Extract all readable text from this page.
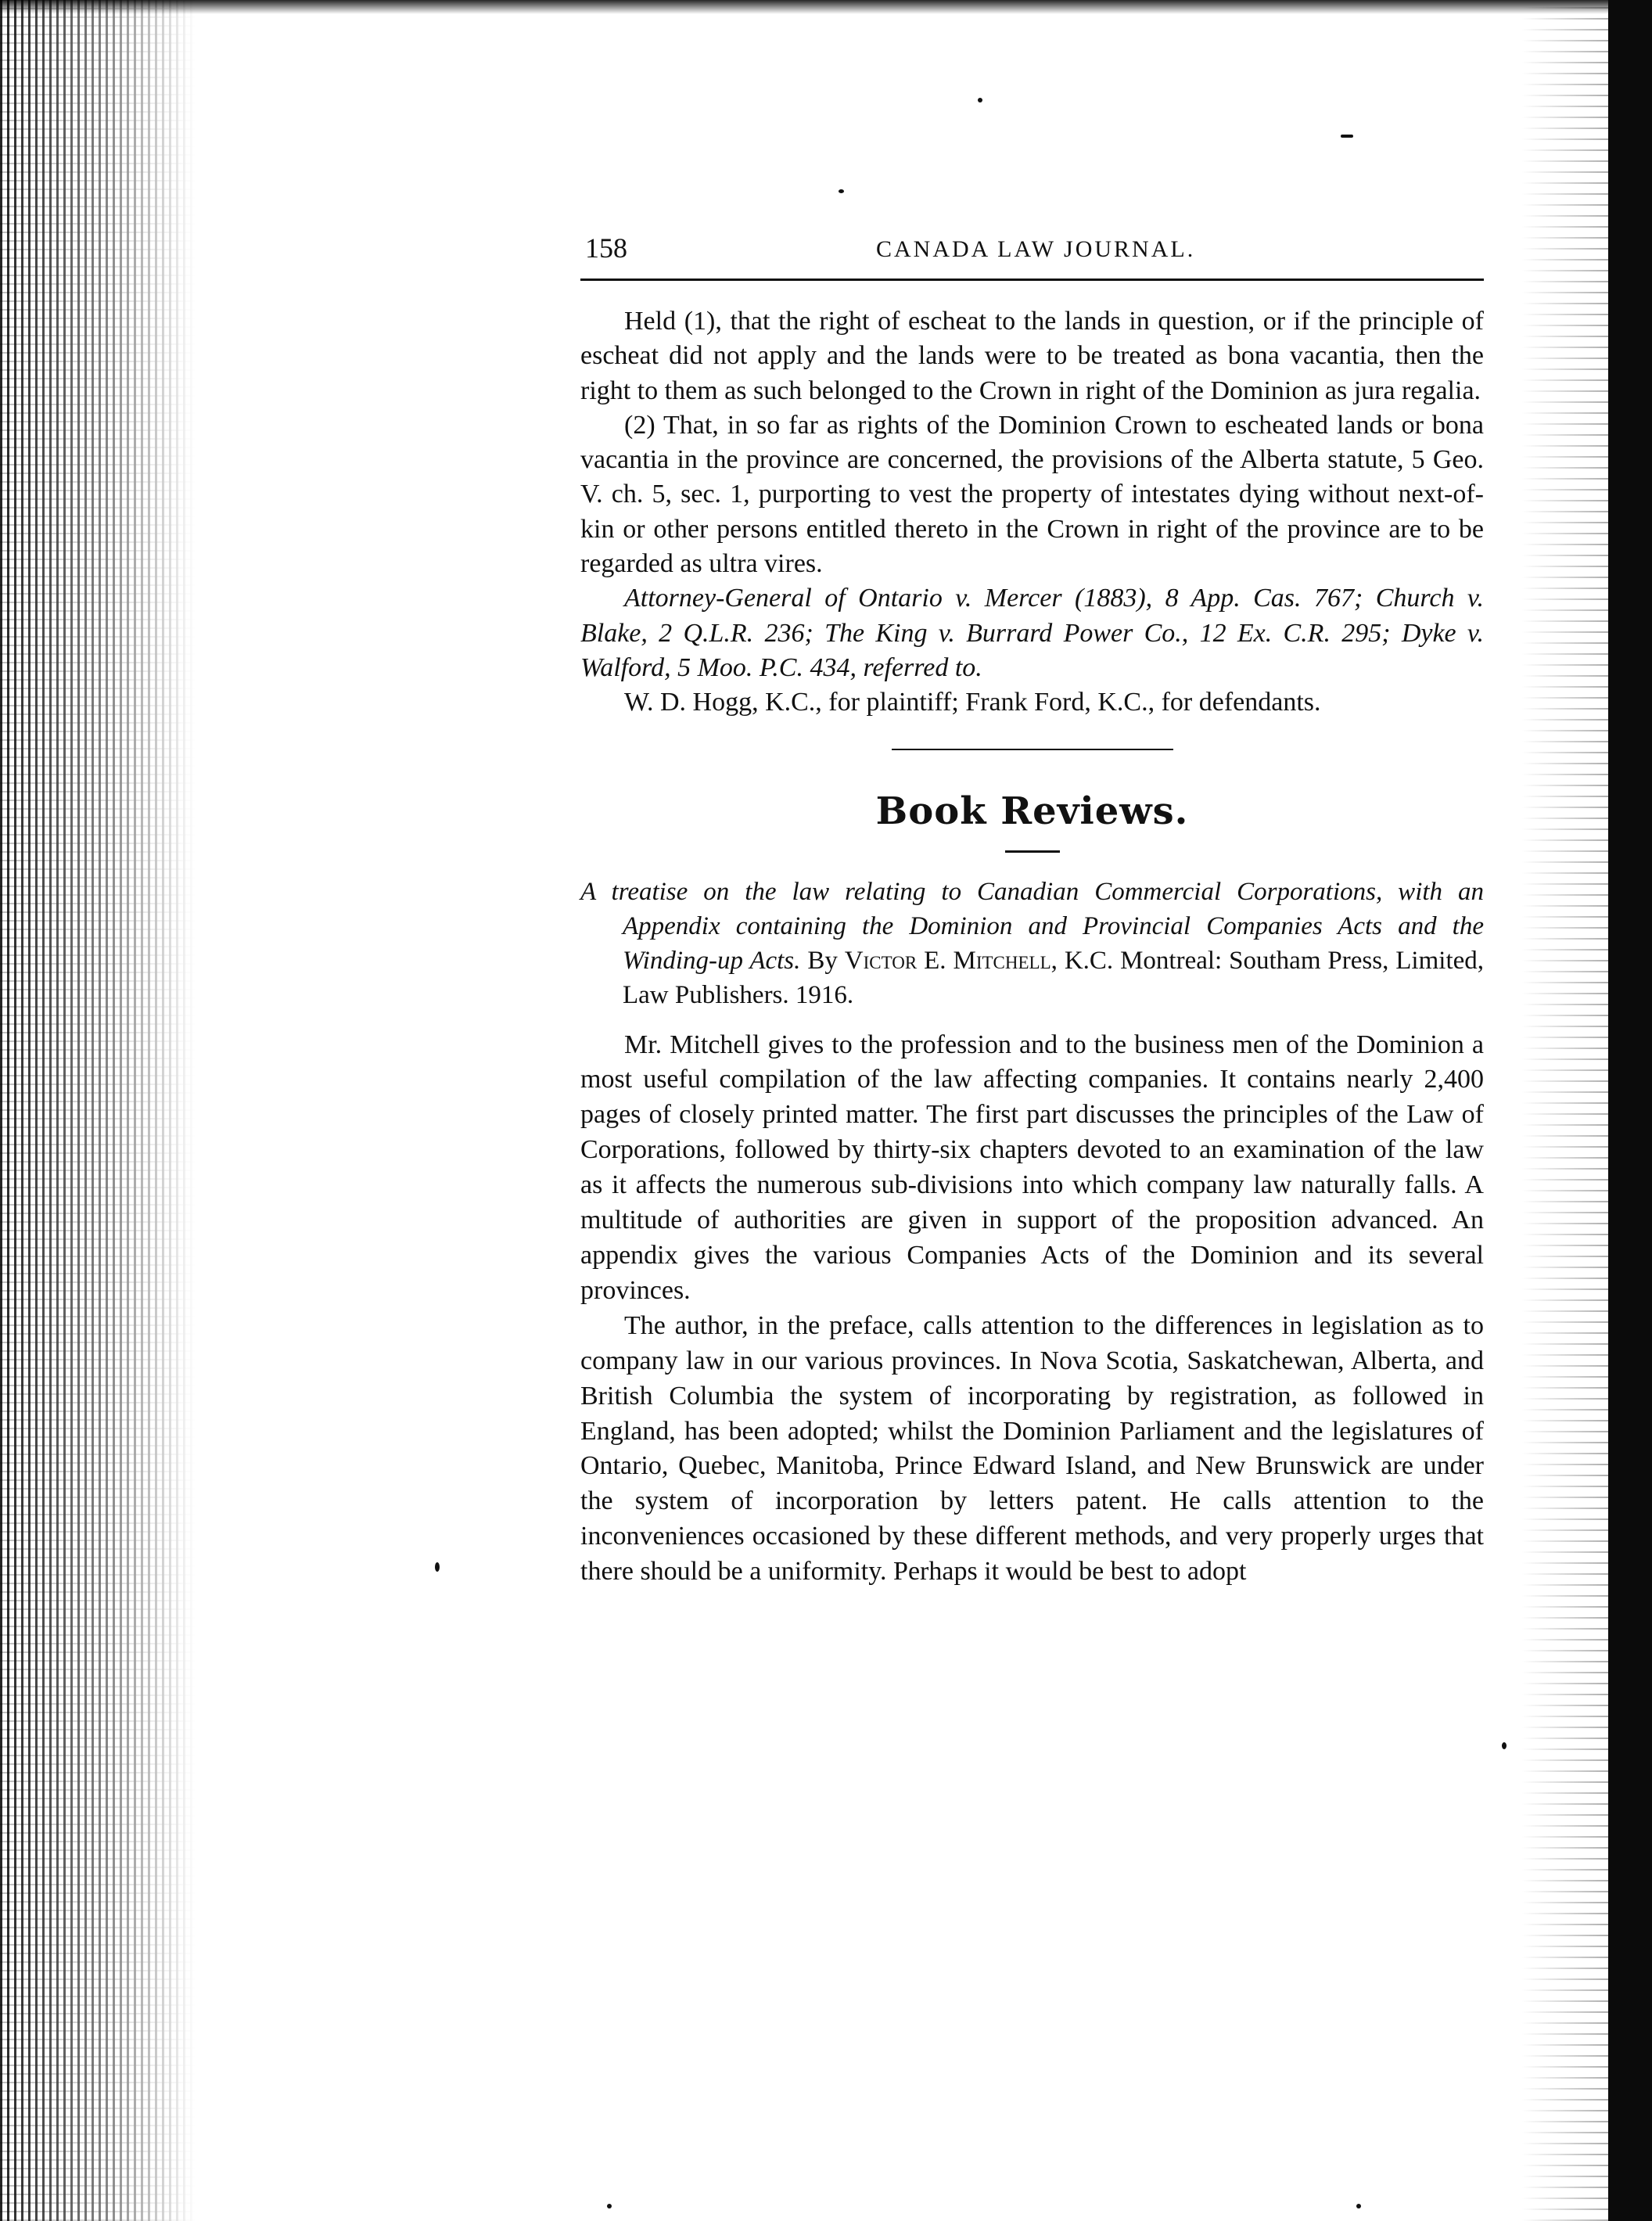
158	CANADA LAW JOURNAL.

Held (1), that the right of escheat to the lands in question, or if the principle of escheat did not apply and the lands were to be treated as bona vacantia, then the right to them as such belonged to the Crown in right of the Dominion as jura regalia.

(2) That, in so far as rights of the Dominion Crown to escheated lands or bona vacantia in the province are concerned, the provisions of the Alberta statute, 5 Geo. V. ch. 5, sec. 1, purporting to vest the property of intestates dying without next-of-kin or other persons entitled thereto in the Crown in right of the province are to be regarded as ultra vires.

Attorney-General of Ontario v. Mercer (1883), 8 App. Cas. 767; Church v. Blake, 2 Q.L.R. 236; The King v. Burrard Power Co., 12 Ex. C.R. 295; Dyke v. Walford, 5 Moo. P.C. 434, referred to.

W. D. Hogg, K.C., for plaintiff; Frank Ford, K.C., for defendants.

Book Reviews.
A treatise on the law relating to Canadian Commercial Corporations, with an Appendix containing the Dominion and Provincial Companies Acts and the Winding-up Acts. By Victor E. Mitchell, K.C. Montreal: Southam Press, Limited, Law Publishers. 1916.

Mr. Mitchell gives to the profession and to the business men of the Dominion a most useful compilation of the law affecting companies. It contains nearly 2,400 pages of closely printed matter. The first part discusses the principles of the Law of Corporations, followed by thirty-six chapters devoted to an examination of the law as it affects the numerous sub-divisions into which company law naturally falls. A multitude of authorities are given in support of the proposition advanced. An appendix gives the various Companies Acts of the Dominion and its several provinces.

The author, in the preface, calls attention to the differences in legislation as to company law in our various provinces. In Nova Scotia, Saskatchewan, Alberta, and British Columbia the system of incorporating by registration, as followed in England, has been adopted; whilst the Dominion Parliament and the legislatures of Ontario, Quebec, Manitoba, Prince Edward Island, and New Brunswick are under the system of incorporation by letters patent. He calls attention to the inconveniences occasioned by these different methods, and very properly urges that there should be a uniformity. Perhaps it would be best to adopt
